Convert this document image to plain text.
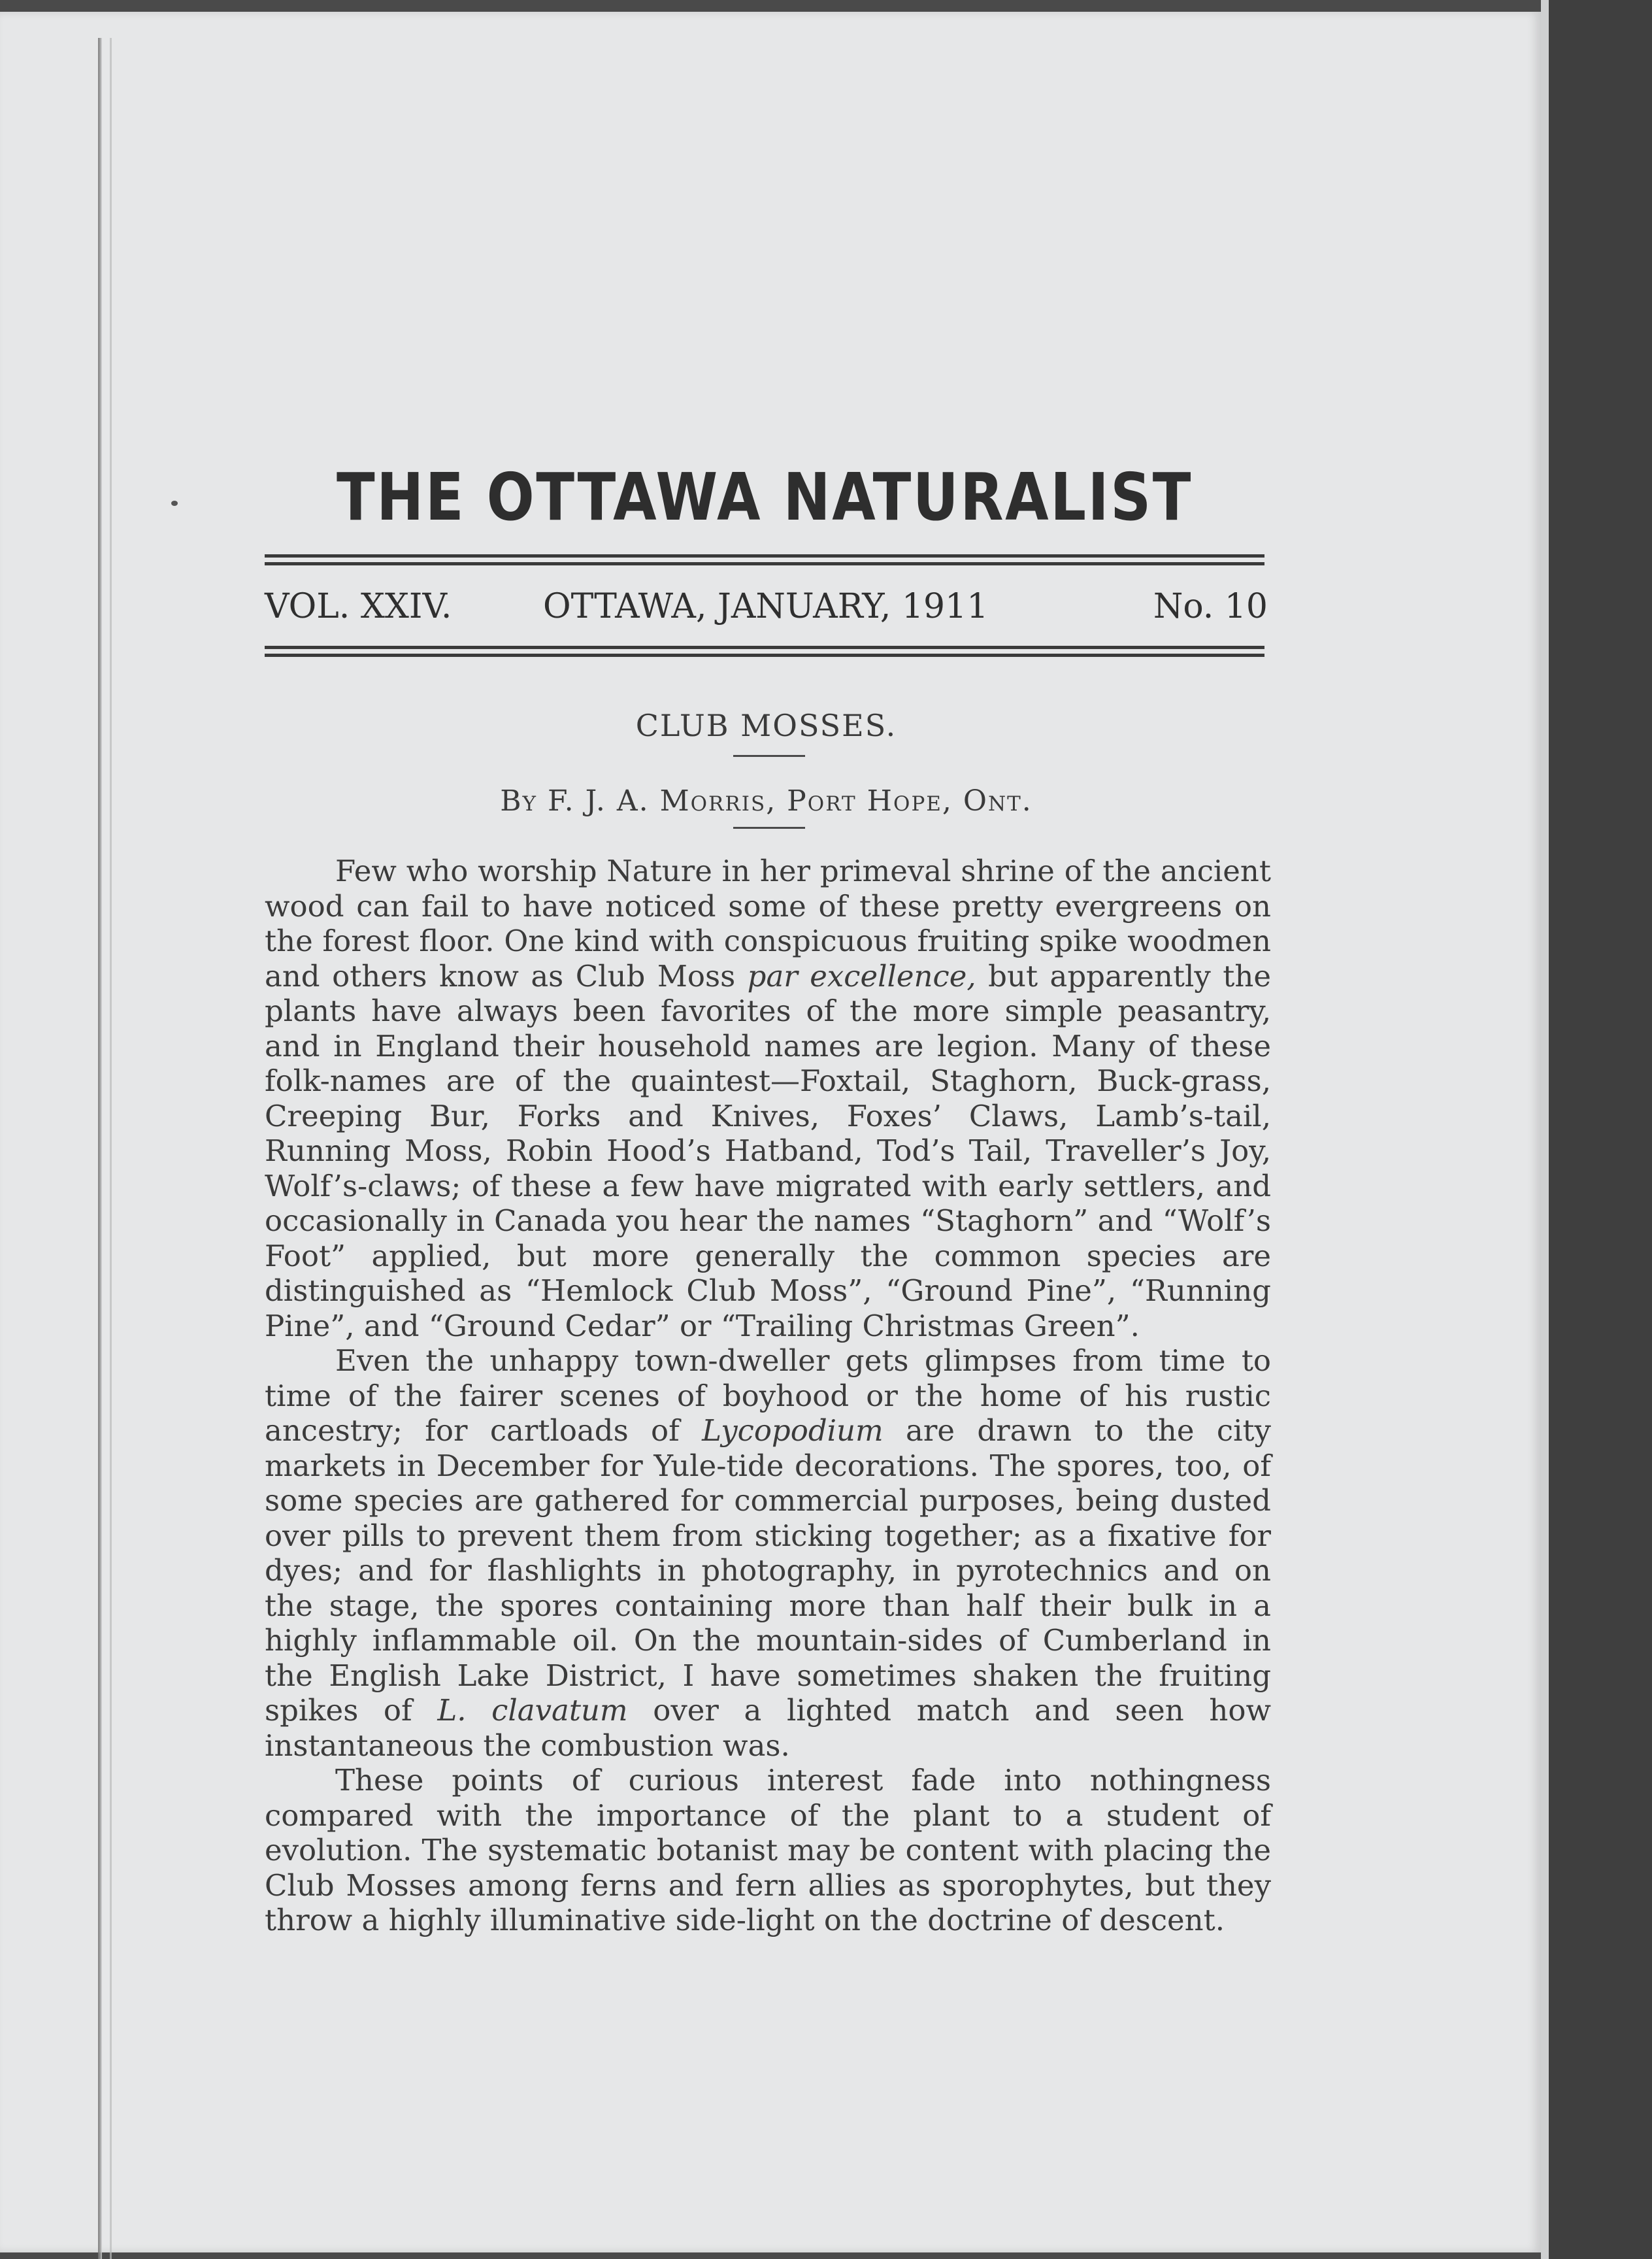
THE OTTAWA NATURALIST
VOL. XXIV.	OTTAWA, JANUARY, 1911	No. 10
CLUB MOSSES.
By F. J. A. Morris, Port Hope, Ont.

Few who worship Nature in her primeval shrine of the ancient wood can fail to have noticed some of these pretty evergreens on the forest floor. One kind with conspicuous fruiting spike woodmen and others know as Club Moss par excellence, but apparently the plants have always been favorites of the more simple peasantry, and in England their household names are legion. Many of these folk-names are of the quaintest—Foxtail, Staghorn, Buck-grass, Creeping Bur, Forks and Knives, Foxes’ Claws, Lamb’s-tail, Running Moss, Robin Hood’s Hatband, Tod’s Tail, Traveller’s Joy, Wolf’s-claws; of these a few have migrated with early settlers, and occasionally in Canada you hear the names “Staghorn” and “Wolf’s Foot” applied, but more generally the common species are distinguished as “Hemlock Club Moss”, “Ground Pine”, “Running Pine”, and “Ground Cedar” or “Trailing Christmas Green”.

Even the unhappy town-dweller gets glimpses from time to time of the fairer scenes of boyhood or the home of his rustic ancestry; for cartloads of Lycopodium are drawn to the city markets in December for Yule-tide decorations. The spores, too, of some species are gathered for commercial purposes, being dusted over pills to prevent them from sticking together; as a fixative for dyes; and for flashlights in photography, in pyrotechnics and on the stage, the spores containing more than half their bulk in a highly inflammable oil. On the mountain-sides of Cumberland in the English Lake District, I have sometimes shaken the fruiting spikes of L. clavatum over a lighted match and seen how instantaneous the combustion was.

These points of curious interest fade into nothingness compared with the importance of the plant to a student of evolution. The systematic botanist may be content with placing the Club Mosses among ferns and fern allies as sporophytes, but they throw a highly illuminative side-light on the doctrine of descent.
